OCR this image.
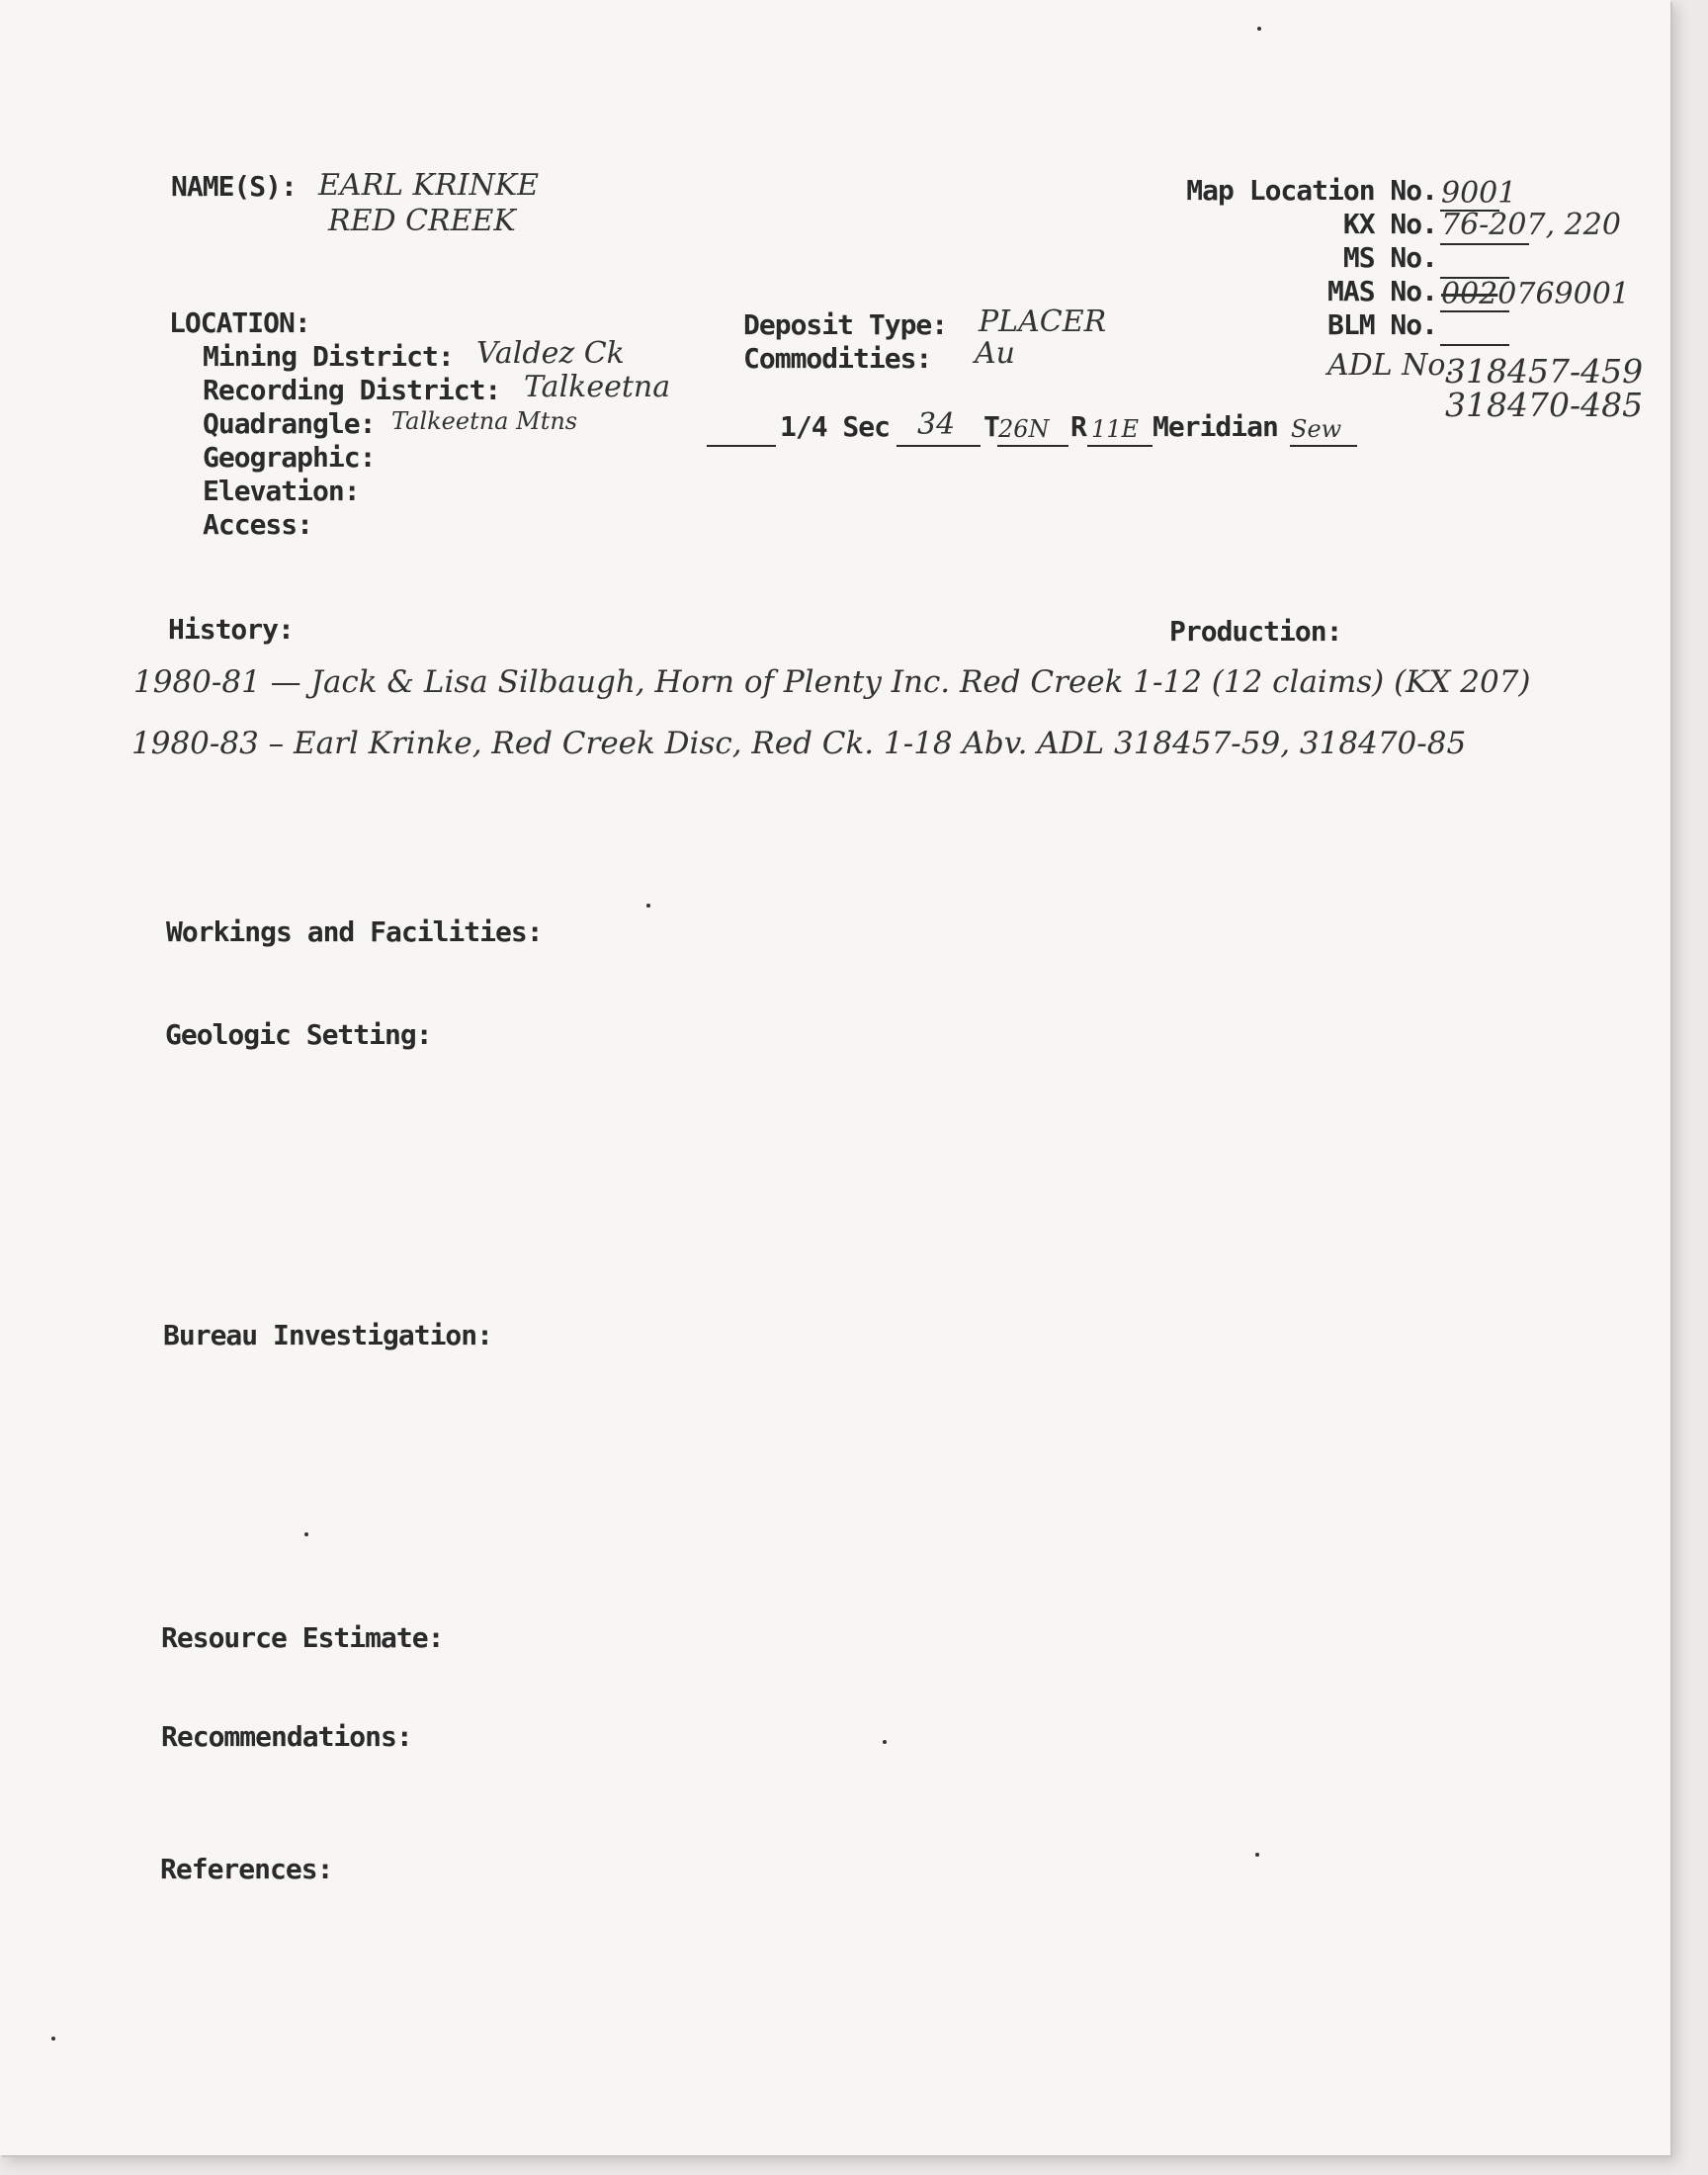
NAME(S): EARL KRINKE

RED CREEK

Map Location No. 9001

KX No. 76-207, 220

MS No.

MAS No. 0020769001

BLM No.

ADL No.

318457-459

318470-485

LOCATION:

Mining District: Valdez Ck

Recording District: Talkeetna

Quadrangle: Talkeetna Mtns

Geographic:

Elevation:

Access:

Deposit Type: PLACER

Commodities: Au

1/4 Sec 34 T 26N R 11E Meridian Sew

History:	Production:

1980-81 — Jack & Lisa Silbaugh, Horn of Plenty Inc. Red Creek 1-12 (12 claims) (KX 207)

1980-83 – Earl Krinke, Red Creek Disc, Red Ck. 1-18 Abv. ADL 318457-59, 318470-85

Workings and Facilities:

Geologic Setting:

Bureau Investigation:

Resource Estimate:

Recommendations:

References:
